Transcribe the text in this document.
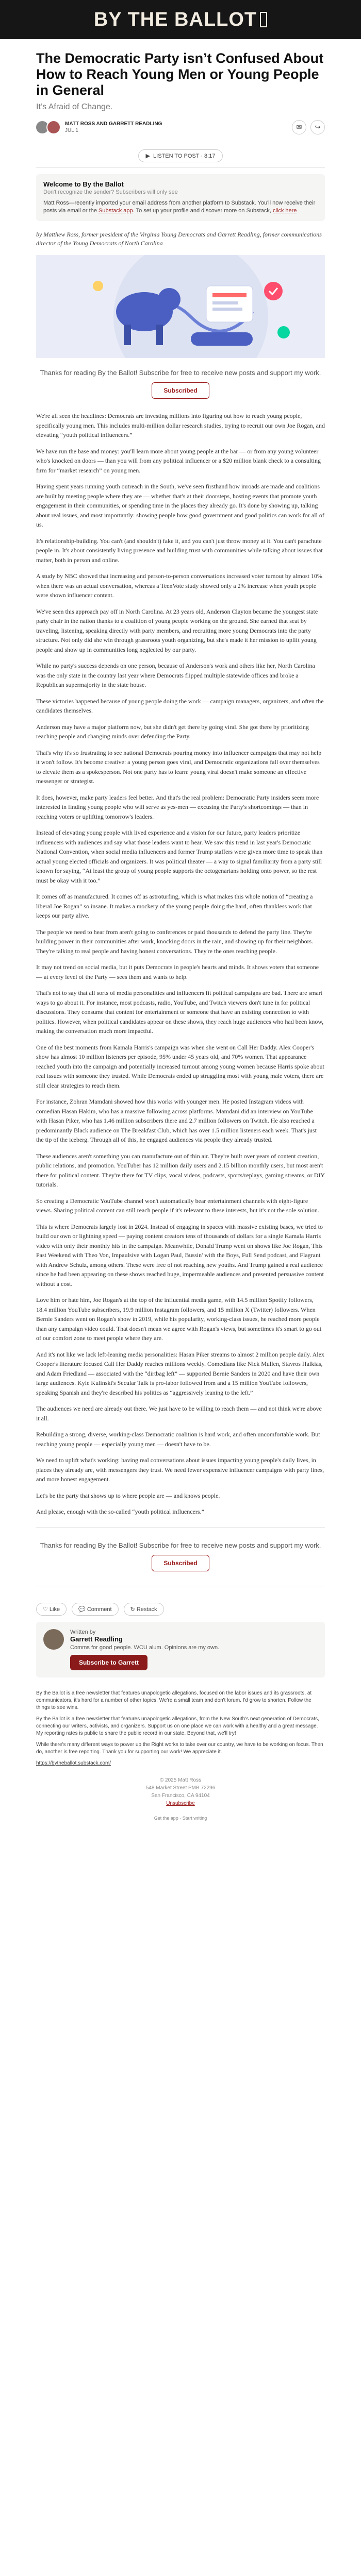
BY THE BALLOT
The Democratic Party isn’t Confused About How to Reach Young Men or Young People in General
It’s Afraid of Change.
MATT ROSS AND GARRETT READLING
JUL 1	✉	↪
▶ LISTEN TO POST · 8:17
Welcome to By the Ballot
Don't recognize the sender? Subscribers will only see
Matt Ross—recently imported your email address from another platform to Substack. You'll now receive their posts via email or the Substack app. To set up your profile and discover more on Substack, click here
by Matthew Ross, former president of the Virginia Young Democrats and Garrett Readling, former communications director of the Young Democrats of North Carolina
Thanks for reading By the Ballot! Subscribe for free to receive new posts and support my work.
Subscribed

We're all seen the headlines: Democrats are investing millions into figuring out how to reach young people, specifically young men. This includes multi-million dollar research studies, trying to recruit our own Joe Rogan, and elevating “youth political influencers.”

We have run the base and money: you'll learn more about young people at the bar — or from any young volunteer who's knocked on doors — than you will from any political influencer or a $20 million blank check to a consulting firm for “market research” on young men.

Having spent years running youth outreach in the South, we've seen firsthand how inroads are made and coalitions are built by meeting people where they are — whether that's at their doorsteps, hosting events that promote youth engagement in their communities, or spending time in the places they already go. It's done by showing up, talking about real issues, and most importantly: showing people how good government and good politics can work for all of us.

It's relationship-building. You can't (and shouldn't) fake it, and you can't just throw money at it. You can't parachute people in. It's about consistently living presence and building trust with communities while talking about issues that matter, both in person and online.

A study by NBC showed that increasing and person-to-person conversations increased voter turnout by almost 10% when there was an actual conversation, whereas a TeenVote study showed only a 2% increase when youth people were shown influencer content.

We've seen this approach pay off in North Carolina. At 23 years old, Anderson Clayton became the youngest state party chair in the nation thanks to a coalition of young people working on the ground. She earned that seat by traveling, listening, speaking directly with party members, and recruiting more young Democrats into the party structure. Not only did she win through grassroots youth organizing, but she's made it her mission to uplift young people and show up in communities long neglected by our party.

While no party's success depends on one person, because of Anderson's work and others like her, North Carolina was the only state in the country last year where Democrats flipped multiple statewide offices and broke a Republican supermajority in the state house.

These victories happened because of young people doing the work — campaign managers, organizers, and often the candidates themselves.

Anderson may have a major platform now, but she didn't get there by going viral. She got there by prioritizing reaching people and changing minds over defending the Party.

That's why it's so frustrating to see national Democrats pouring money into influencer campaigns that may not help it won't follow. It's become creative: a young person goes viral, and Democratic organizations fall over themselves to elevate them as a spokesperson. Not one party has to learn: young viral doesn't make someone an effective messenger or strategist.

It does, however, make party leaders feel better. And that's the real problem: Democratic Party insiders seem more interested in finding young people who will serve as yes-men — excusing the Party's shortcomings — than in reaching voters or uplifting tomorrow's leaders.

Instead of elevating young people with lived experience and a vision for our future, party leaders prioritize influencers with audiences and say what those leaders want to hear. We saw this trend in last year's Democratic National Convention, when social media influencers and former Trump staffers were given more time to speak than actual young elected officials and organizers. It was political theater — a way to signal familiarity from a party still known for saying, “At least the group of young people supports the octogenarians holding onto power, so the rest must be okay with it too.”

It comes off as manufactured. It comes off as astroturfing, which is what makes this whole notion of “creating a liberal Joe Rogan” so insane. It makes a mockery of the young people doing the hard, often thankless work that keeps our party alive.

The people we need to hear from aren't going to conferences or paid thousands to defend the party line. They're building power in their communities after work, knocking doors in the rain, and showing up for their neighbors. They're talking to real people and having honest conversations. They're the ones reaching people.

It may not trend on social media, but it puts Democrats in people's hearts and minds. It shows voters that someone — at every level of the Party — sees them and wants to help.

That's not to say that all sorts of media personalities and influencers fit political campaigns are bad. There are smart ways to go about it. For instance, most podcasts, radio, YouTube, and Twitch viewers don't tune in for political discussions. They consume that content for entertainment or someone that have an existing connection to with politics. However, when political candidates appear on these shows, they reach huge audiences who had been know, making the conversation much more impactful.

One of the best moments from Kamala Harris's campaign was when she went on Call Her Daddy. Alex Cooper's show has almost 10 million listeners per episode, 95% under 45 years old, and 70% women. That appearance reached youth into the campaign and potentially increased turnout among young women because Harris spoke about real issues with someone they trusted. While Democrats ended up struggling most with young male voters, there are still clear strategies to reach them.

For instance, Zohran Mamdani showed how this works with younger men. He posted Instagram videos with comedian Hasan Hakim, who has a massive following across platforms. Mamdani did an interview on YouTube with Hasan Piker, who has 1.46 million subscribers there and 2.7 million followers on Twitch. He also reached a predominantly Black audience on The Breakfast Club, which has over 1.5 million listeners each week. That's just the tip of the iceberg. Through all of this, he engaged audiences via people they already trusted.

These audiences aren't something you can manufacture out of thin air. They're built over years of content creation, public relations, and promotion. YouTuber has 12 million daily users and 2.15 billion monthly users, but most aren't there for political content. They're there for TV clips, vocal videos, podcasts, sports/replays, gaming streams, or DIY tutorials.

So creating a Democratic YouTube channel won't automatically bear entertainment channels with eight-figure views. Sharing political content can still reach people if it's relevant to these interests, but it's not the sole solution.

This is where Democrats largely lost in 2024. Instead of engaging in spaces with massive existing bases, we tried to build our own or lightning speed — paying content creators tens of thousands of dollars for a single Kamala Harris video with only their monthly hits in the campaign. Meanwhile, Donald Trump went on shows like Joe Rogan, This Past Weekend with Theo Von, Impaulsive with Logan Paul, Bussin' with the Boys, Full Send podcast, and Flagrant with Andrew Schulz, among others. These were free of not reaching new youths. And Trump gained a real audience since he had been appearing on these shows reached huge, impermeable audiences and presented persuasive content without a cost.

Love him or hate him, Joe Rogan's at the top of the influential media game, with 14.5 million Spotify followers, 18.4 million YouTube subscribers, 19.9 million Instagram followers, and 15 million X (Twitter) followers. When Bernie Sanders went on Rogan's show in 2019, while his popularity, working-class issues, he reached more people than any campaign video could. That doesn't mean we agree with Rogan's views, but sometimes it's smart to go out of our comfort zone to meet people where they are.

And it's not like we lack left-leaning media personalities: Hasan Piker streams to almost 2 million people daily. Alex Cooper's literature focused Call Her Daddy reaches millions weekly. Comedians like Nick Mullen, Stavros Halkias, and Adam Friedland — associated with the “dirtbag left” — supported Bernie Sanders in 2020 and have their own large audiences. Kyle Kulinski's Secular Talk is pro-labor followed from and a 15 million YouTube followers, speaking Spanish and they're described his politics as “aggressively leaning to the left.”

The audiences we need are already out there. We just have to be willing to reach them — and not think we're above it all.

Rebuilding a strong, diverse, working-class Democratic coalition is hard work, and often uncomfortable work. But reaching young people — especially young men — doesn't have to be.

We need to uplift what's working: having real conversations about issues impacting young people's daily lives, in places they already are, with messengers they trust. We need fewer expensive influencer campaigns with party lines, and more honest engagement.

Let's be the party that shows up to where people are — and knows people.

And please, enough with the so-called “youth political influencers.”

Thanks for reading By the Ballot! Subscribe for free to receive new posts and support my work.
Subscribed
♡ Like	💬 Comment	↻ Restack
Written by
Garrett Readling
Comms for good people. WCU alum. Opinions are my own.
Subscribe to Garrett

By the Ballot is a free newsletter that features unapologetic allegations, focused on the labor issues and its grassroots, at communicators, it's hard for a number of other topics. We're a small team and don't lorum. I'd grow to shorten. Follow the things to see wins.

By the Ballot is a free newsletter that features unapologetic allegations, from the New South's next generation of Democrats, connecting our writers, activists, and organizers. Support us on one place we can work with a healthy and a great message. My reporting rates is public to share the public record in our state. Beyond that, we'll try!

While there's many different ways to power up the Right works to take over our country, we have to be working on focus. Then do, another is free reporting. Thank you for supporting our work! We appreciate it.

https://bytheballot.substack.com/

© 2025 Matt Ross
548 Market Street PMB 72296
San Francisco, CA 94104
Unsubscribe
Get the app · Start writing
